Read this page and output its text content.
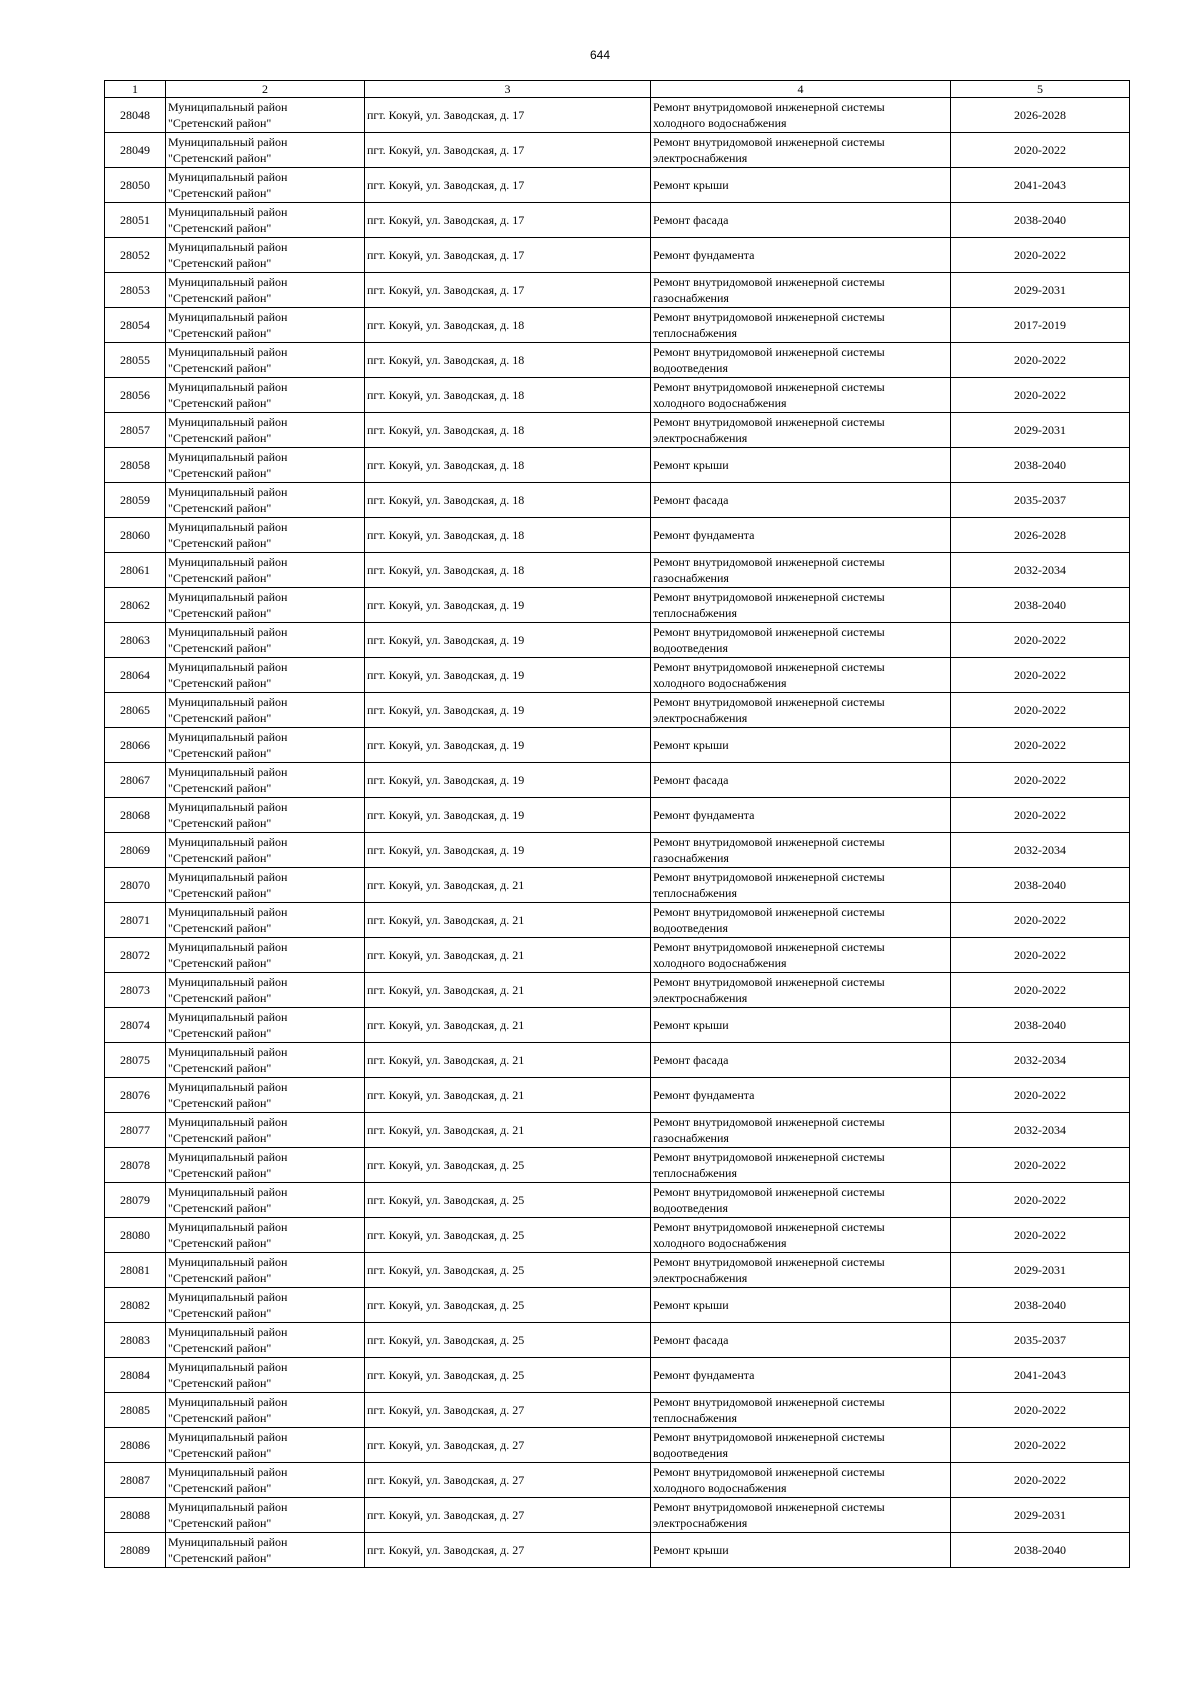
644
1	2	3	4	5
28048	Муниципальный район
"Сретенский район"	пгт. Кокуй, ул. Заводская, д. 17	Ремонт внутридомовой инженерной системы
холодного водоснабжения	2026-2028
28049	Муниципальный район
"Сретенский район"	пгт. Кокуй, ул. Заводская, д. 17	Ремонт внутридомовой инженерной системы
электроснабжения	2020-2022
28050	Муниципальный район
"Сретенский район"	пгт. Кокуй, ул. Заводская, д. 17	Ремонт крыши	2041-2043
28051	Муниципальный район
"Сретенский район"	пгт. Кокуй, ул. Заводская, д. 17	Ремонт фасада	2038-2040
28052	Муниципальный район
"Сретенский район"	пгт. Кокуй, ул. Заводская, д. 17	Ремонт фундамента	2020-2022
28053	Муниципальный район
"Сретенский район"	пгт. Кокуй, ул. Заводская, д. 17	Ремонт внутридомовой инженерной системы
газоснабжения	2029-2031
28054	Муниципальный район
"Сретенский район"	пгт. Кокуй, ул. Заводская, д. 18	Ремонт внутридомовой инженерной системы
теплоснабжения	2017-2019
28055	Муниципальный район
"Сретенский район"	пгт. Кокуй, ул. Заводская, д. 18	Ремонт внутридомовой инженерной системы
водоотведения	2020-2022
28056	Муниципальный район
"Сретенский район"	пгт. Кокуй, ул. Заводская, д. 18	Ремонт внутридомовой инженерной системы
холодного водоснабжения	2020-2022
28057	Муниципальный район
"Сретенский район"	пгт. Кокуй, ул. Заводская, д. 18	Ремонт внутридомовой инженерной системы
электроснабжения	2029-2031
28058	Муниципальный район
"Сретенский район"	пгт. Кокуй, ул. Заводская, д. 18	Ремонт крыши	2038-2040
28059	Муниципальный район
"Сретенский район"	пгт. Кокуй, ул. Заводская, д. 18	Ремонт фасада	2035-2037
28060	Муниципальный район
"Сретенский район"	пгт. Кокуй, ул. Заводская, д. 18	Ремонт фундамента	2026-2028
28061	Муниципальный район
"Сретенский район"	пгт. Кокуй, ул. Заводская, д. 18	Ремонт внутридомовой инженерной системы
газоснабжения	2032-2034
28062	Муниципальный район
"Сретенский район"	пгт. Кокуй, ул. Заводская, д. 19	Ремонт внутридомовой инженерной системы
теплоснабжения	2038-2040
28063	Муниципальный район
"Сретенский район"	пгт. Кокуй, ул. Заводская, д. 19	Ремонт внутридомовой инженерной системы
водоотведения	2020-2022
28064	Муниципальный район
"Сретенский район"	пгт. Кокуй, ул. Заводская, д. 19	Ремонт внутридомовой инженерной системы
холодного водоснабжения	2020-2022
28065	Муниципальный район
"Сретенский район"	пгт. Кокуй, ул. Заводская, д. 19	Ремонт внутридомовой инженерной системы
электроснабжения	2020-2022
28066	Муниципальный район
"Сретенский район"	пгт. Кокуй, ул. Заводская, д. 19	Ремонт крыши	2020-2022
28067	Муниципальный район
"Сретенский район"	пгт. Кокуй, ул. Заводская, д. 19	Ремонт фасада	2020-2022
28068	Муниципальный район
"Сретенский район"	пгт. Кокуй, ул. Заводская, д. 19	Ремонт фундамента	2020-2022
28069	Муниципальный район
"Сретенский район"	пгт. Кокуй, ул. Заводская, д. 19	Ремонт внутридомовой инженерной системы
газоснабжения	2032-2034
28070	Муниципальный район
"Сретенский район"	пгт. Кокуй, ул. Заводская, д. 21	Ремонт внутридомовой инженерной системы
теплоснабжения	2038-2040
28071	Муниципальный район
"Сретенский район"	пгт. Кокуй, ул. Заводская, д. 21	Ремонт внутридомовой инженерной системы
водоотведения	2020-2022
28072	Муниципальный район
"Сретенский район"	пгт. Кокуй, ул. Заводская, д. 21	Ремонт внутридомовой инженерной системы
холодного водоснабжения	2020-2022
28073	Муниципальный район
"Сретенский район"	пгт. Кокуй, ул. Заводская, д. 21	Ремонт внутридомовой инженерной системы
электроснабжения	2020-2022
28074	Муниципальный район
"Сретенский район"	пгт. Кокуй, ул. Заводская, д. 21	Ремонт крыши	2038-2040
28075	Муниципальный район
"Сретенский район"	пгт. Кокуй, ул. Заводская, д. 21	Ремонт фасада	2032-2034
28076	Муниципальный район
"Сретенский район"	пгт. Кокуй, ул. Заводская, д. 21	Ремонт фундамента	2020-2022
28077	Муниципальный район
"Сретенский район"	пгт. Кокуй, ул. Заводская, д. 21	Ремонт внутридомовой инженерной системы
газоснабжения	2032-2034
28078	Муниципальный район
"Сретенский район"	пгт. Кокуй, ул. Заводская, д. 25	Ремонт внутридомовой инженерной системы
теплоснабжения	2020-2022
28079	Муниципальный район
"Сретенский район"	пгт. Кокуй, ул. Заводская, д. 25	Ремонт внутридомовой инженерной системы
водоотведения	2020-2022
28080	Муниципальный район
"Сретенский район"	пгт. Кокуй, ул. Заводская, д. 25	Ремонт внутридомовой инженерной системы
холодного водоснабжения	2020-2022
28081	Муниципальный район
"Сретенский район"	пгт. Кокуй, ул. Заводская, д. 25	Ремонт внутридомовой инженерной системы
электроснабжения	2029-2031
28082	Муниципальный район
"Сретенский район"	пгт. Кокуй, ул. Заводская, д. 25	Ремонт крыши	2038-2040
28083	Муниципальный район
"Сретенский район"	пгт. Кокуй, ул. Заводская, д. 25	Ремонт фасада	2035-2037
28084	Муниципальный район
"Сретенский район"	пгт. Кокуй, ул. Заводская, д. 25	Ремонт фундамента	2041-2043
28085	Муниципальный район
"Сретенский район"	пгт. Кокуй, ул. Заводская, д. 27	Ремонт внутридомовой инженерной системы
теплоснабжения	2020-2022
28086	Муниципальный район
"Сретенский район"	пгт. Кокуй, ул. Заводская, д. 27	Ремонт внутридомовой инженерной системы
водоотведения	2020-2022
28087	Муниципальный район
"Сретенский район"	пгт. Кокуй, ул. Заводская, д. 27	Ремонт внутридомовой инженерной системы
холодного водоснабжения	2020-2022
28088	Муниципальный район
"Сретенский район"	пгт. Кокуй, ул. Заводская, д. 27	Ремонт внутридомовой инженерной системы
электроснабжения	2029-2031
28089	Муниципальный район
"Сретенский район"	пгт. Кокуй, ул. Заводская, д. 27	Ремонт крыши	2038-2040
